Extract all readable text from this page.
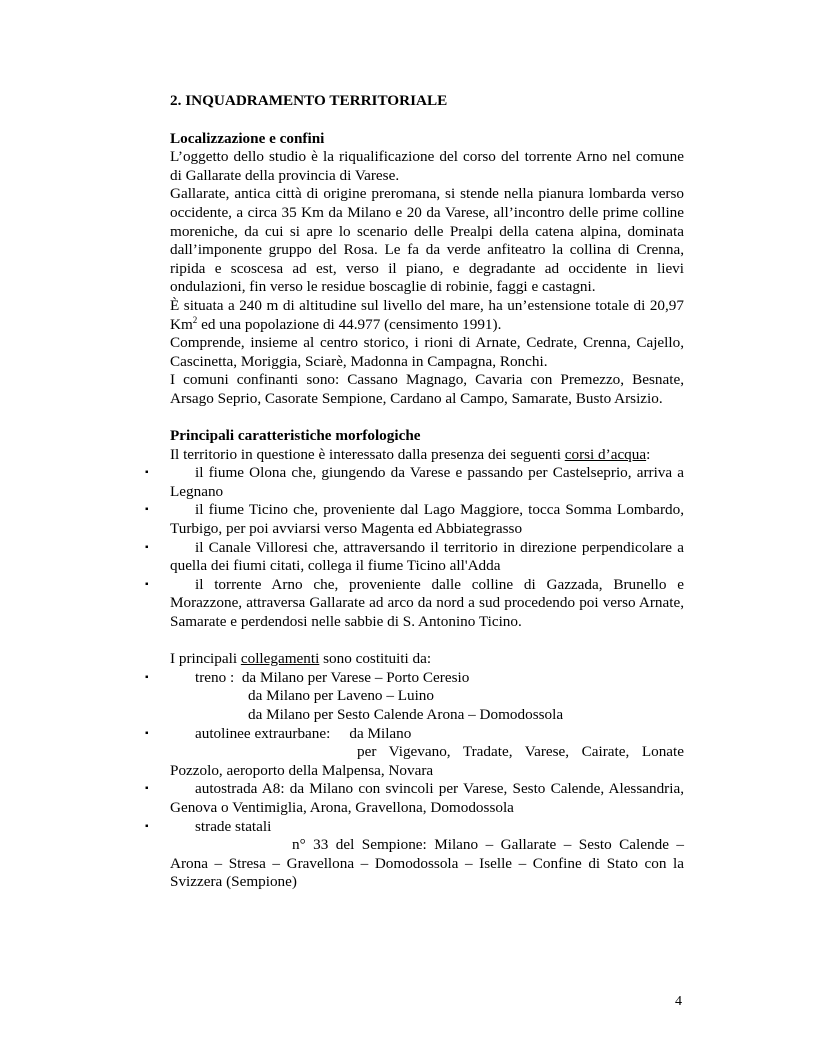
2. INQUADRAMENTO TERRITORIALE
Localizzazione e confini

L’oggetto dello studio è la riqualificazione del corso del torrente Arno nel comune di Gallarate della provincia di Varese.

Gallarate, antica città di origine preromana, si stende nella pianura lombarda verso occidente, a circa 35 Km da Milano e 20 da Varese, all’incontro delle prime colline moreniche, da cui si apre lo scenario delle Prealpi della catena alpina, dominata dall’imponente gruppo del Rosa. Le fa da verde anfiteatro la collina di Crenna, ripida e scoscesa ad est, verso il piano, e degradante ad occidente in lievi ondulazioni, fin verso le residue boscaglie di robinie, faggi e castagni.

È situata a 240 m di altitudine sul livello del mare, ha un’estensione totale di 20,97 Km$^2$ ed una popolazione di 44.977 (censimento 1991).

Comprende, insieme al centro storico, i rioni di Arnate, Cedrate, Crenna, Cajello, Cascinetta, Moriggia, Sciarè, Madonna in Campagna, Ronchi.

I comuni confinanti sono: Cassano Magnago, Cavaria con Premezzo, Besnate, Arsago Seprio, Casorate Sempione, Cardano al Campo, Samarate, Busto Arsizio.

Principali caratteristiche morfologiche

Il territorio in questione è interessato dalla presenza dei seguenti corsi d’acqua:

▪	il fiume Olona che, giungendo da Varese e passando per Castelseprio, arriva a Legnano

▪	il fiume Ticino che, proveniente dal Lago Maggiore, tocca Somma Lombardo, Turbigo, per poi avviarsi verso Magenta ed Abbiategrasso

▪	il Canale Villoresi che, attraversando il territorio in direzione perpendicolare a quella dei fiumi citati, collega il fiume Ticino all'Adda

▪	il torrente Arno che, proveniente dalle colline di Gazzada, Brunello e Morazzone, attraversa Gallarate ad arco da nord a sud procedendo poi verso Arnate, Samarate e perdendosi nelle sabbie di S. Antonino Ticino.

I principali collegamenti sono costituiti da:

▪	treno : da Milano per Varese – Porto Ceresio

da Milano per Laveno – Luino

da Milano per Sesto Calende Arona – Domodossola

▪	autolinee extraurbane: da Milano

per Vigevano, Tradate, Varese, Cairate, Lonate Pozzolo, aeroporto della Malpensa, Novara

▪	autostrada A8: da Milano con svincoli per Varese, Sesto Calende, Alessandria, Genova o Ventimiglia, Arona, Gravellona, Domodossola

▪	strade statali

n° 33 del Sempione: Milano – Gallarate – Sesto Calende – Arona – Stresa – Gravellona – Domodossola – Iselle – Confine di Stato con la Svizzera (Sempione)

4
